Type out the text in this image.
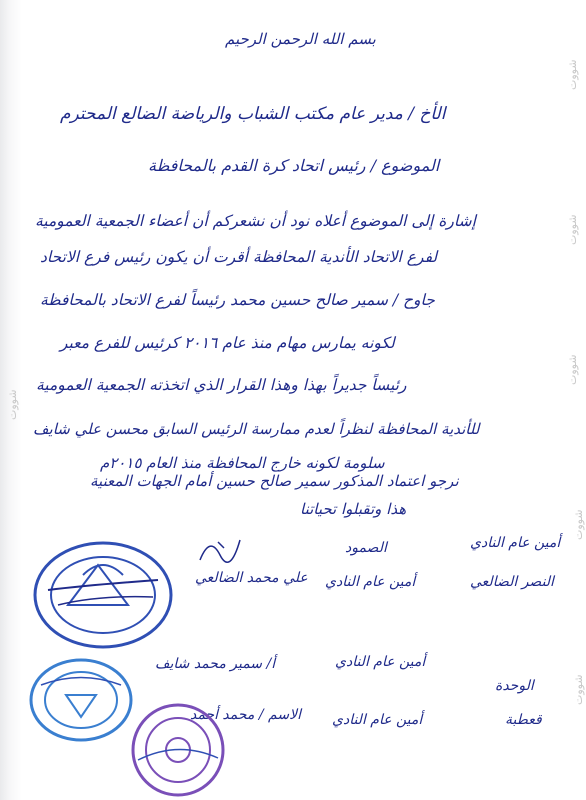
شووت
شووت
شووت
شووت
شووت
شووت
بسم الله الرحمن الرحيم
الأخ / مدير عام مكتب الشباب والرياضة الضالع المحترم
الموضوع / رئيس اتحاد كرة القدم بالمحافظة
إشارة إلى الموضوع أعلاه نود أن نشعركم أن أعضاء الجمعية العمومية
لفرع الاتحاد الأندية المحافظة أقرت أن يكون رئيس فرع الاتحاد
جاوح / سمير صالح حسين محمد رئيساً لفرع الاتحاد بالمحافظة
لكونه يمارس مهام منذ عام ٢٠١٦ كرئيس للفرع معبر
رئيساً جديراً بهذا وهذا القرار الذي اتخذته الجمعية العمومية
للأندية المحافظة لنظراً لعدم ممارسة الرئيس السابق محسن علي شايف
سلومة لكونه خارج المحافظة منذ العام ٢٠١٥م
نرجو اعتماد المذكور سمير صالح حسين أمام الجهات المعنية
هذا وتقبلوا تحياتنا
أمين عام النادي
الصمود
النصر الضالعي
أمين عام النادي
علي محمد الضالعي
أمين عام النادي
أ/ سمير محمد شايف
الوحدة
قعطبة
أمين عام النادي
الاسم / محمد أحمد
